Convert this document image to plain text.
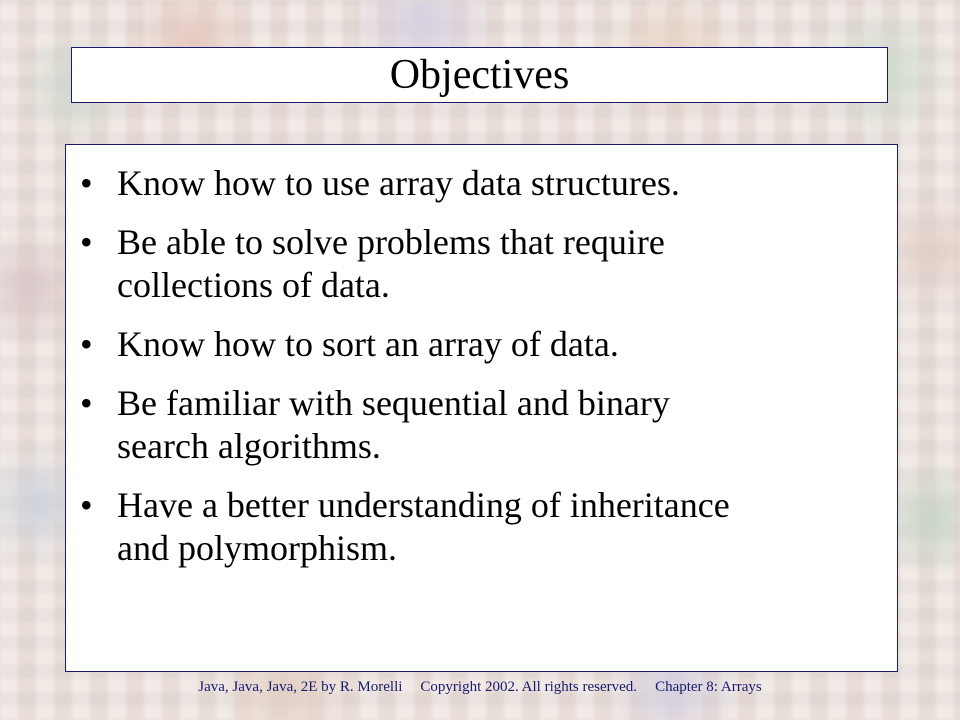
Objectives
• Know how to use array data structures.
• Be able to solve problems that require
collections of data.
• Know how to sort an array of data.
• Be familiar with sequential and binary
search algorithms.
• Have a better understanding of inheritance
and polymorphism.
Java, Java, Java, 2E by R. Morelli Copyright 2002. All rights reserved. Chapter 8: Arrays
